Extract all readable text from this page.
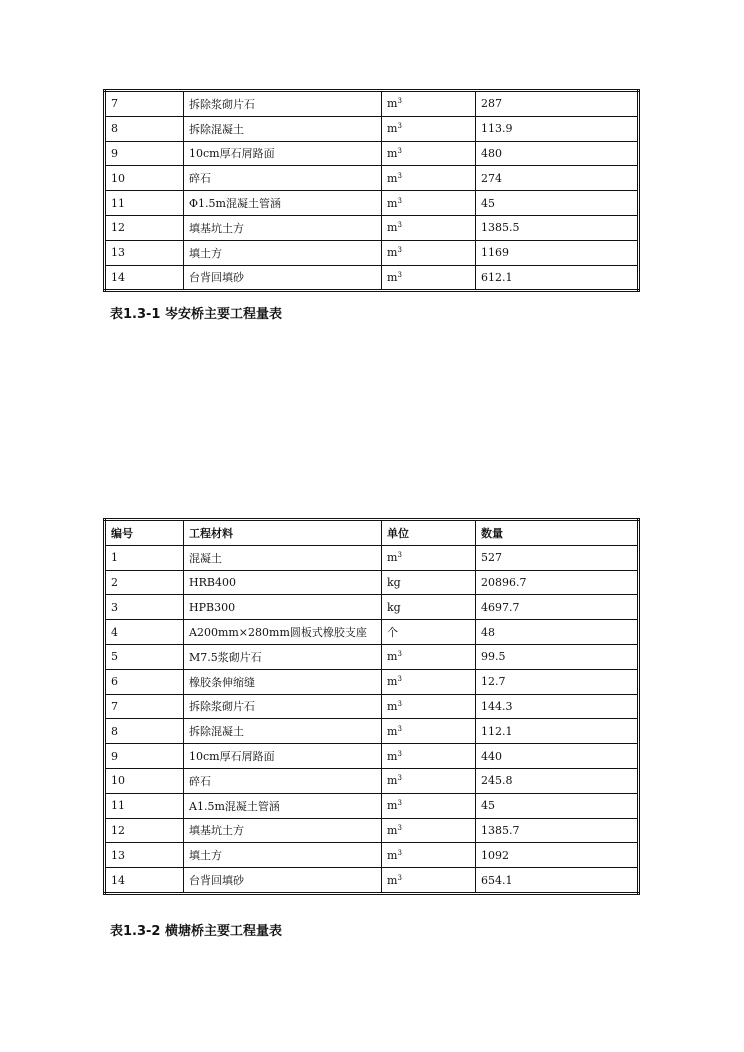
7	拆除浆砌片石	$m^3$	287
8	拆除混凝土	$m^3$	113.9
9	10cm厚石屑路面	$m^3$	480
10	碎石	$m^3$	274
11	Φ1.5m混凝土管涵	$m^3$	45
12	填基坑土方	$m^3$	1385.5
13	填土方	$m^3$	1169
14	台背回填砂	$m^3$	612.1
表1.3-1 岑安桥主要工程量表
编号	工程材料	单位	数量
1	混凝土	$m^3$	527
2	HRB400	kg	20896.7
3	HPB300	kg	4697.7
4	A200mm×280mm圆板式橡胶支座	个	48
5	M7.5浆砌片石	$m^3$	99.5
6	橡胶条伸缩缝	$m^3$	12.7
7	拆除浆砌片石	$m^3$	144.3
8	拆除混凝土	$m^3$	112.1
9	10cm厚石屑路面	$m^3$	440
10	碎石	$m^3$	245.8
11	A1.5m混凝土管涵	$m^3$	45
12	填基坑土方	$m^3$	1385.7
13	填土方	$m^3$	1092
14	台背回填砂	$m^3$	654.1
表1.3-2 横塘桥主要工程量表
